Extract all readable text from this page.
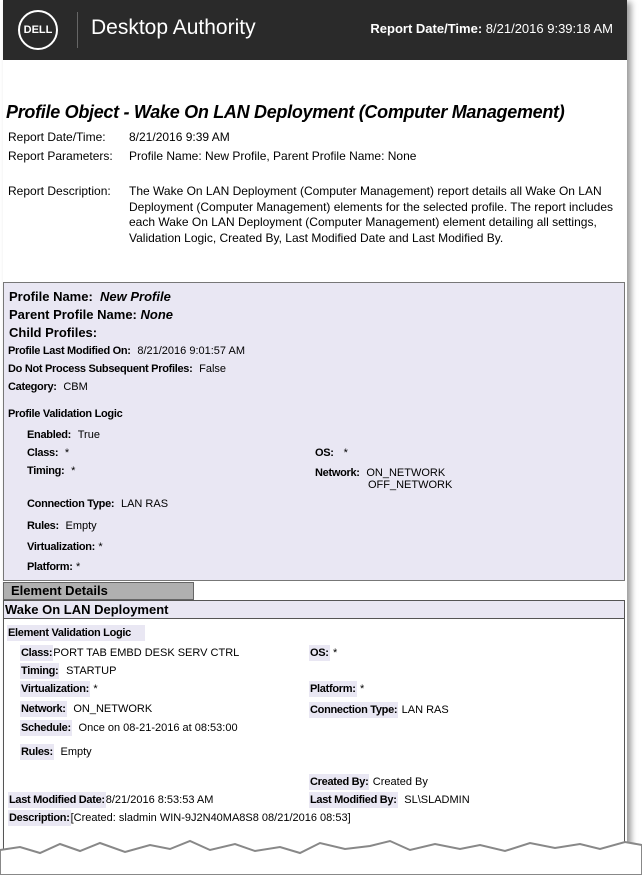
DELL Desktop Authority	Report Date/Time: 8/21/2016 9:39:18 AM
Profile Object - Wake On LAN Deployment (Computer Management)
Report Date/Time: 8/21/2016 9:39 AM
Report Parameters: Profile Name: New Profile, Parent Profile Name: None
Report Description: The Wake On LAN Deployment (Computer Management) report details all Wake On LAN Deployment (Computer Management) elements for the selected profile. The report includes each Wake On LAN Deployment (Computer Management) element detailing all settings, Validation Logic, Created By, Last Modified Date and Last Modified By.
Profile Name: New Profile
Parent Profile Name: None
Child Profiles:
Profile Last Modified On: 8/21/2016 9:01:57 AM
Do Not Process Subsequent Profiles: False
Category: CBM
Profile Validation Logic
Enabled: True
Class: *	OS: *
Timing: *	Network: ON_NETWORK
OFF_NETWORK
Connection Type: LAN RAS
Rules: Empty
Virtualization: *
Platform: *
Element Details
Wake On LAN Deployment
Element Validation Logic
Class:PORT TAB EMBD DESK SERV CTRL	OS: *
Timing: STARTUP
Virtualization: *	Platform: *
Network: ON_NETWORK	Connection Type: LAN RAS
Schedule: Once on 08-21-2016 at 08:53:00
Rules: Empty
Created By: Created By
Last Modified Date:8/21/2016 8:53:53 AM	Last Modified By: SL\SLADMIN
Description:[Created: sladmin WIN-9J2N40MA8S8 08/21/2016 08:53]
